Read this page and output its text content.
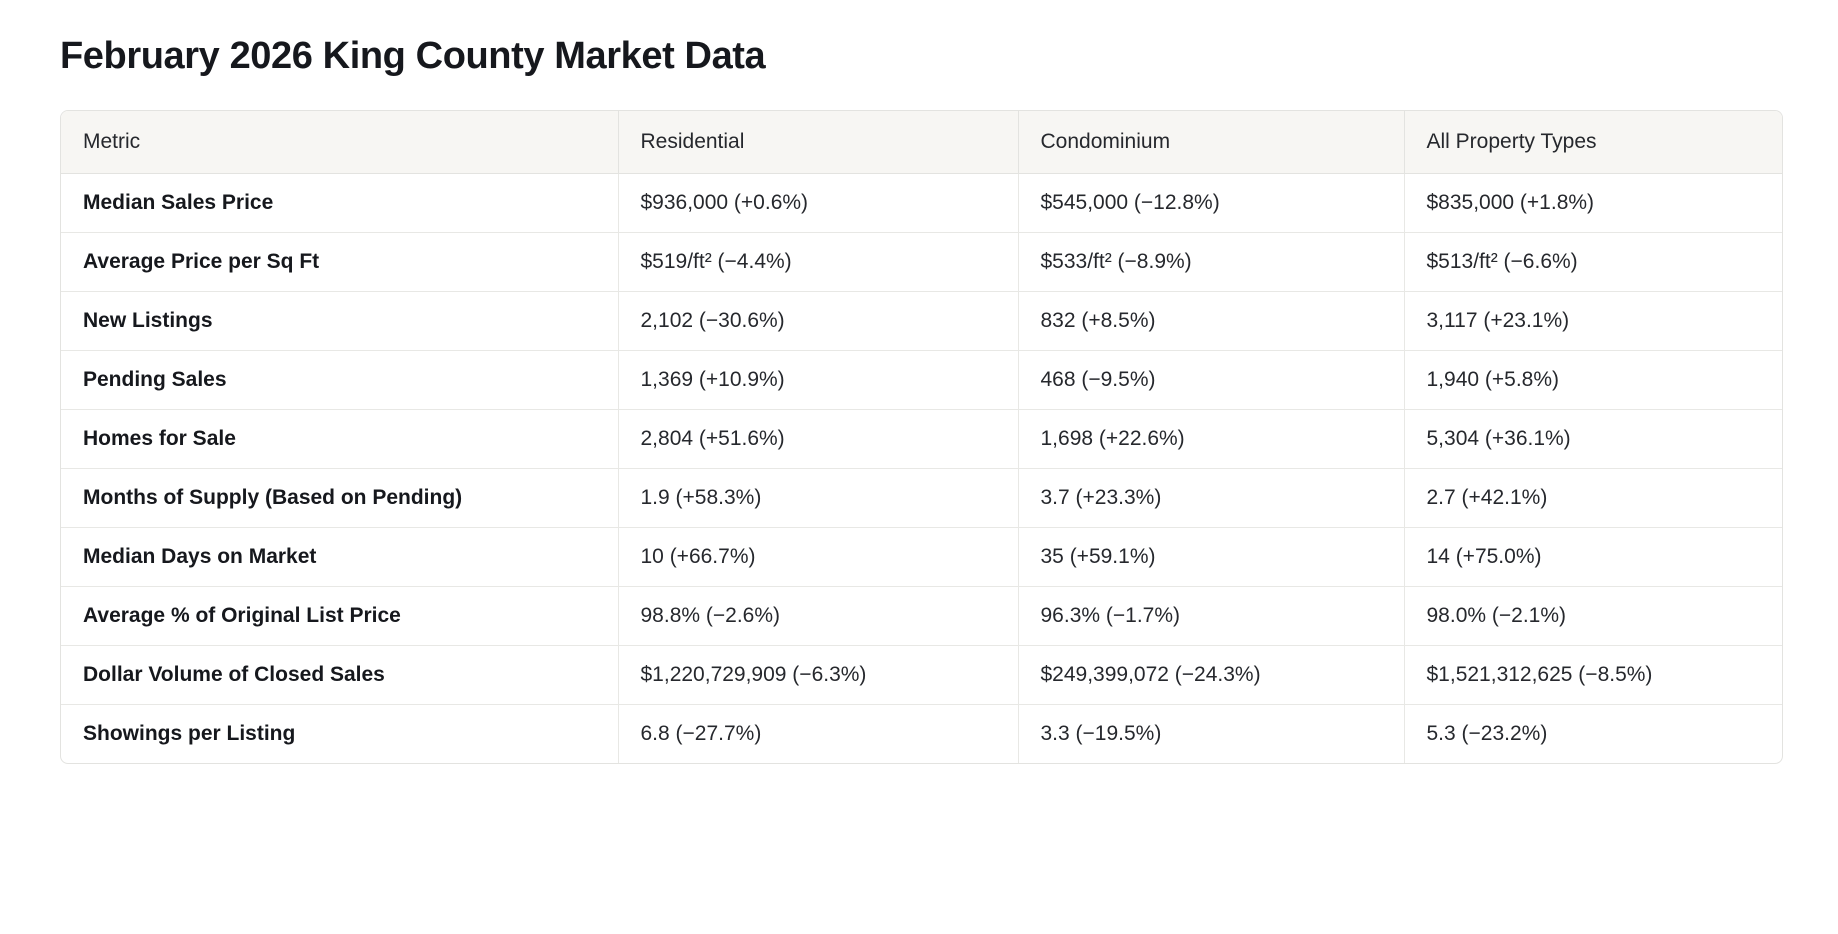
February 2026 King County Market Data
Metric	Residential	Condominium	All Property Types
Median Sales Price	$936,000 (+0.6%)	$545,000 (−12.8%)	$835,000 (+1.8%)
Average Price per Sq Ft	$519/ft² (−4.4%)	$533/ft² (−8.9%)	$513/ft² (−6.6%)
New Listings	2,102 (−30.6%)	832 (+8.5%)	3,117 (+23.1%)
Pending Sales	1,369 (+10.9%)	468 (−9.5%)	1,940 (+5.8%)
Homes for Sale	2,804 (+51.6%)	1,698 (+22.6%)	5,304 (+36.1%)
Months of Supply (Based on Pending)	1.9 (+58.3%)	3.7 (+23.3%)	2.7 (+42.1%)
Median Days on Market	10 (+66.7%)	35 (+59.1%)	14 (+75.0%)
Average % of Original List Price	98.8% (−2.6%)	96.3% (−1.7%)	98.0% (−2.1%)
Dollar Volume of Closed Sales	$1,220,729,909 (−6.3%)	$249,399,072 (−24.3%)	$1,521,312,625 (−8.5%)
Showings per Listing	6.8 (−27.7%)	3.3 (−19.5%)	5.3 (−23.2%)
